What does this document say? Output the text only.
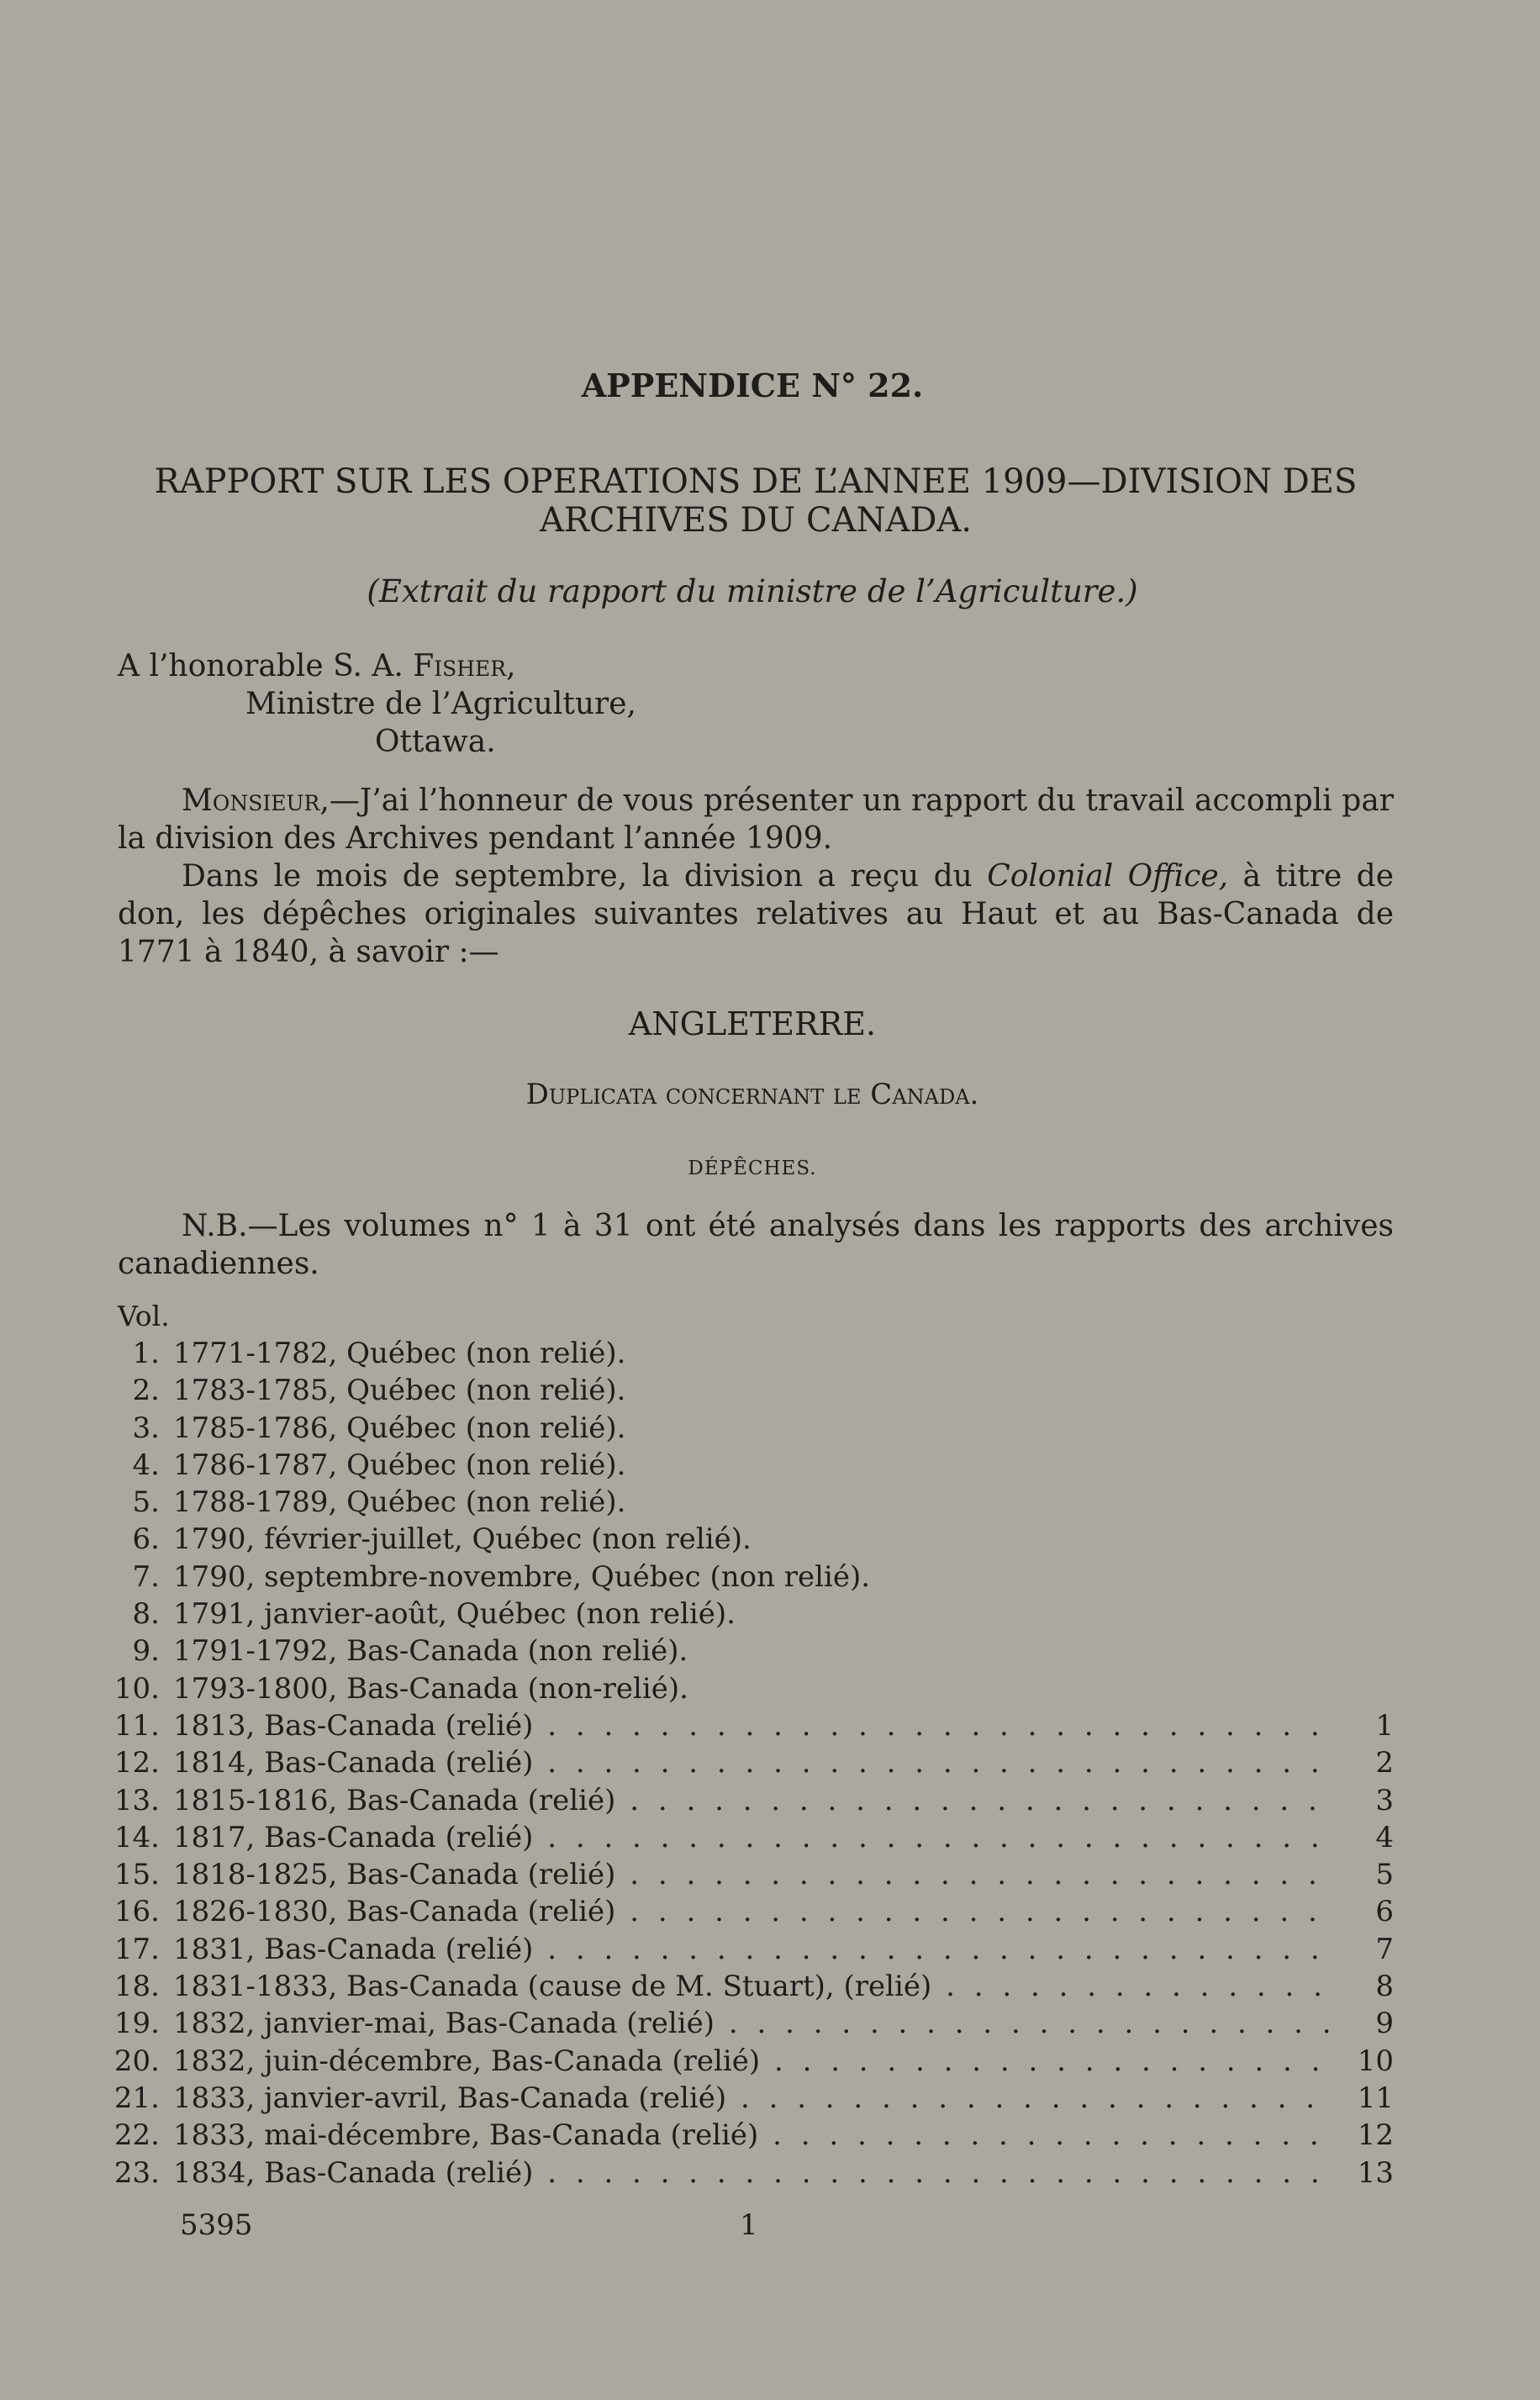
APPENDICE N° 22.
RAPPORT SUR LES OPERATIONS DE L’ANNEE 1909—DIVISION DES
ARCHIVES DU CANADA.
(Extrait du rapport du ministre de l’Agriculture.)
A l’honorable S. A. Fisher,
Ministre de l’Agriculture,
Ottawa.
Monsieur,—J’ai l’honneur de vous présenter un rapport du travail accompli par la division des Archives pendant l’année 1909.
Dans le mois de septembre, la division a reçu du Colonial Office, à titre de don, les dépêches originales suivantes relatives au Haut et au Bas-Canada de 1771 à 1840, à savoir :—
ANGLETERRE.
Duplicata concernant le Canada.
DÉPÊCHES.
N.B.—Les volumes n° 1 à 31 ont été analysés dans les rapports des archives canadiennes.
Vol.
1. 1771-1782, Québec (non relié).
2. 1783-1785, Québec (non relié).
3. 1785-1786, Québec (non relié).
4. 1786-1787, Québec (non relié).
5. 1788-1789, Québec (non relié).
6. 1790, février-juillet, Québec (non relié).
7. 1790, septembre-novembre, Québec (non relié).
8. 1791, janvier-août, Québec (non relié).
9. 1791-1792, Bas-Canada (non relié).
10. 1793-1800, Bas-Canada (non-relié).
11. 1813, Bas-Canada (relié) . . .	1
12. 1814, Bas-Canada (relié) . . .	2
13. 1815-1816, Bas-Canada (relié) . . .	3
14. 1817, Bas-Canada (relié) . . .	4
15. 1818-1825, Bas-Canada (relié) . . .	5
16. 1826-1830, Bas-Canada (relié) . . .	6
17. 1831, Bas-Canada (relié) . . .	7
18. 1831-1833, Bas-Canada (cause de M. Stuart), (relié) . . .	8
19. 1832, janvier-mai, Bas-Canada (relié) . . .	9
20. 1832, juin-décembre, Bas-Canada (relié) . . .	10
21. 1833, janvier-avril, Bas-Canada (relié) . . .	11
22. 1833, mai-décembre, Bas-Canada (relié) . . .	12
23. 1834, Bas-Canada (relié) . . .	13
5395	1
